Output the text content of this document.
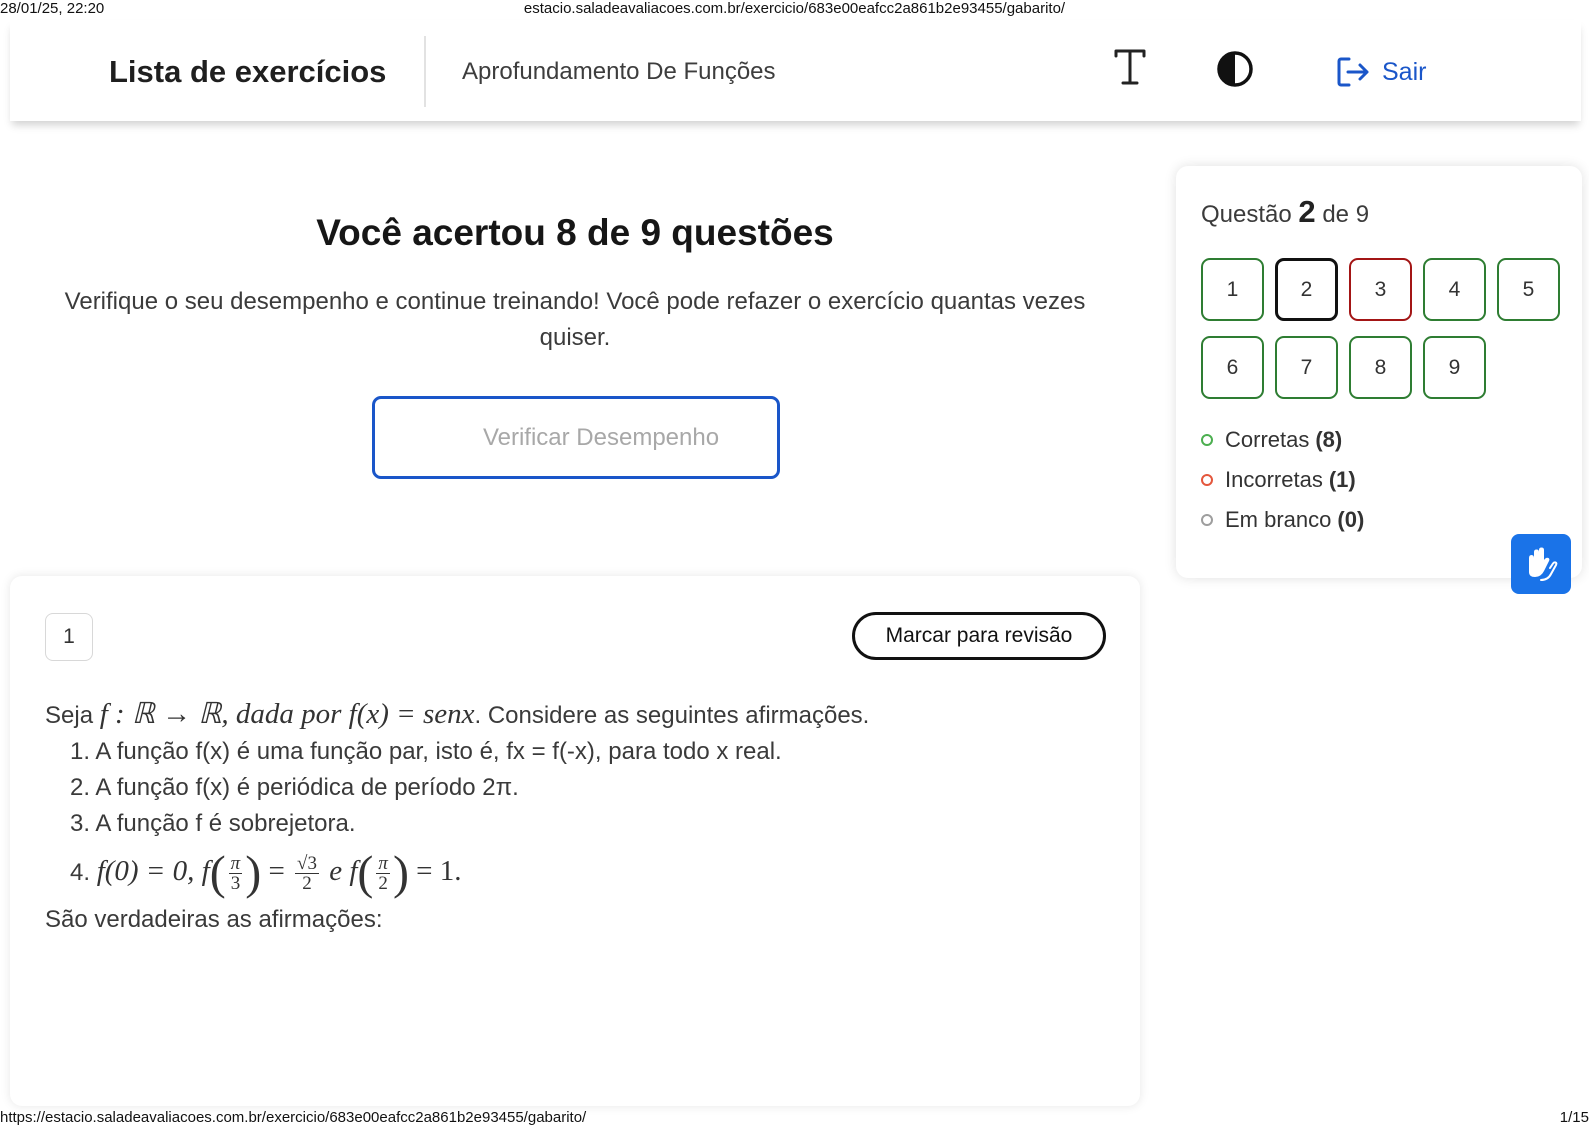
28/01/25, 22:20	estacio.saladeavaliacoes.com.br/exercicio/683e00eafcc2a861b2e93455/gabarito/
Lista de exercícios	Aprofundamento De Funções	Sair
Você acertou 8 de 9 questões
Verifique o seu desempenho e continue treinando! Você pode refazer o exercício quantas vezes quiser.
Verificar Desempenho
1	Marcar para revisão
Seja f : ℝ → ℝ, dada por f(x) = senx. Considere as seguintes afirmações.
1. A função f(x) é uma função par, isto é, fx = f(-x), para todo x real.
2. A função f(x) é periódica de período 2π.
3. A função f é sobrejetora.
4. f(0) = 0, $f( \frac{\pi}{3}$ ) = $\frac{√3}{2}$ e $f( \frac{\pi}{2}$ ) = 1.
São verdadeiras as afirmações:
Questão 2 de 9
1	2	3	4	5
6	7	8	9
Corretas (8)
Incorretas (1)
Em branco (0)
https://estacio.saladeavaliacoes.com.br/exercicio/683e00eafcc2a861b2e93455/gabarito/	1/15
